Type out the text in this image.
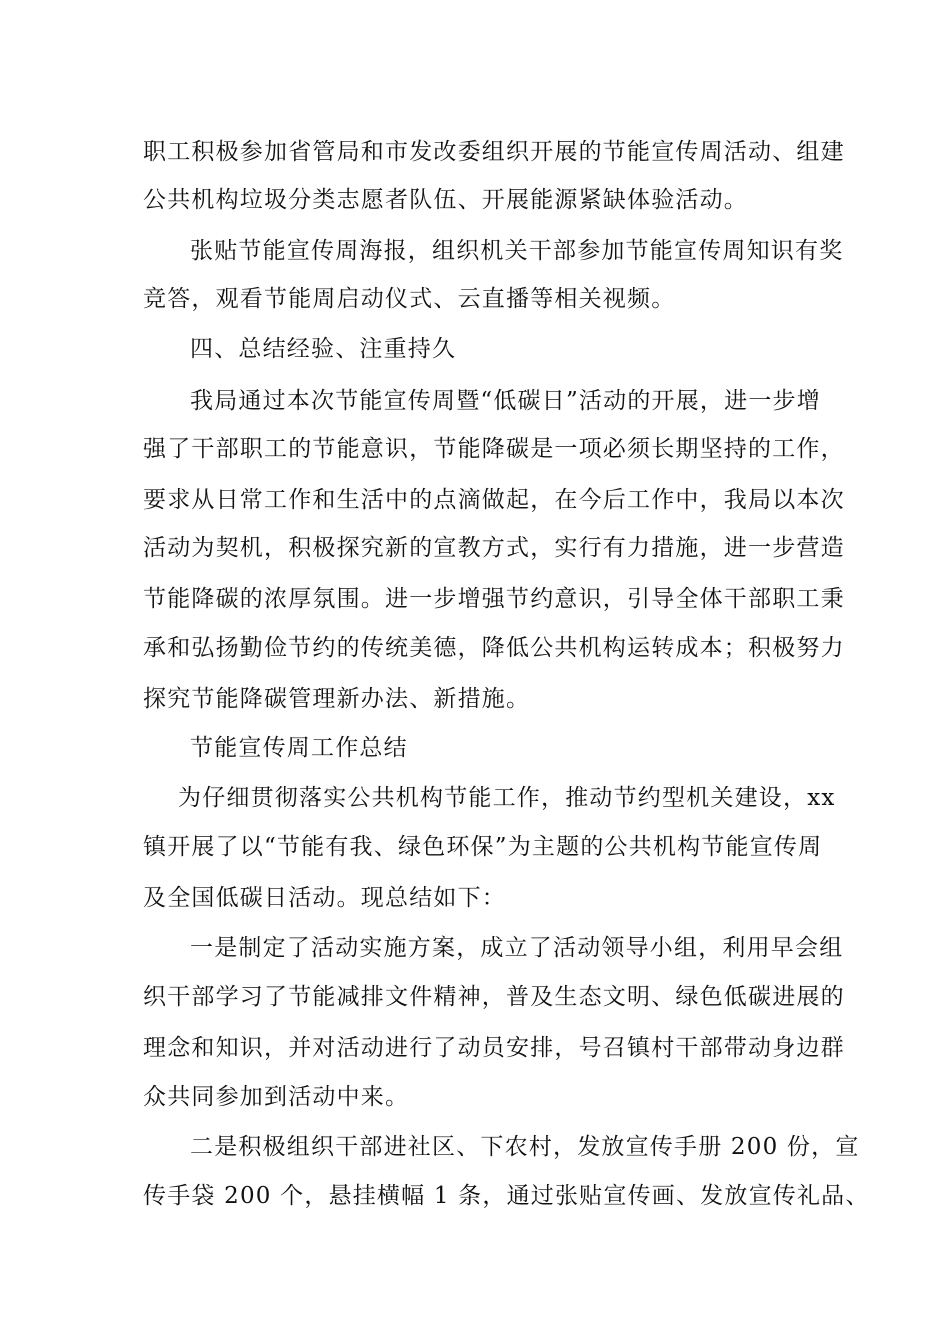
职工积极参加省管局和市发改委组织开展的节能宣传周活动、组建
公共机构垃圾分类志愿者队伍、开展能源紧缺体验活动。
张贴节能宣传周海报，组织机关干部参加节能宣传周知识有奖
竞答，观看节能周启动仪式、云直播等相关视频。
四、总结经验、注重持久
我局通过本次节能宣传周暨“低碳日”活动的开展，进一步增
强了干部职工的节能意识，节能降碳是一项必须长期坚持的工作，
要求从日常工作和生活中的点滴做起，在今后工作中，我局以本次
活动为契机，积极探究新的宣教方式，实行有力措施，进一步营造
节能降碳的浓厚氛围。进一步增强节约意识，引导全体干部职工秉
承和弘扬勤俭节约的传统美德，降低公共机构运转成本；积极努力
探究节能降碳管理新办法、新措施。
节能宣传周工作总结
为仔细贯彻落实公共机构节能工作，推动节约型机关建设，xx
镇开展了以“节能有我、绿色环保”为主题的公共机构节能宣传周
及全国低碳日活动。现总结如下：
一是制定了活动实施方案，成立了活动领导小组，利用早会组
织干部学习了节能减排文件精神，普及生态文明、绿色低碳进展的
理念和知识，并对活动进行了动员安排，号召镇村干部带动身边群
众共同参加到活动中来。
二是积极组织干部进社区、下农村，发放宣传手册 200 份，宣
传手袋 200 个，悬挂横幅 1 条，通过张贴宣传画、发放宣传礼品、
